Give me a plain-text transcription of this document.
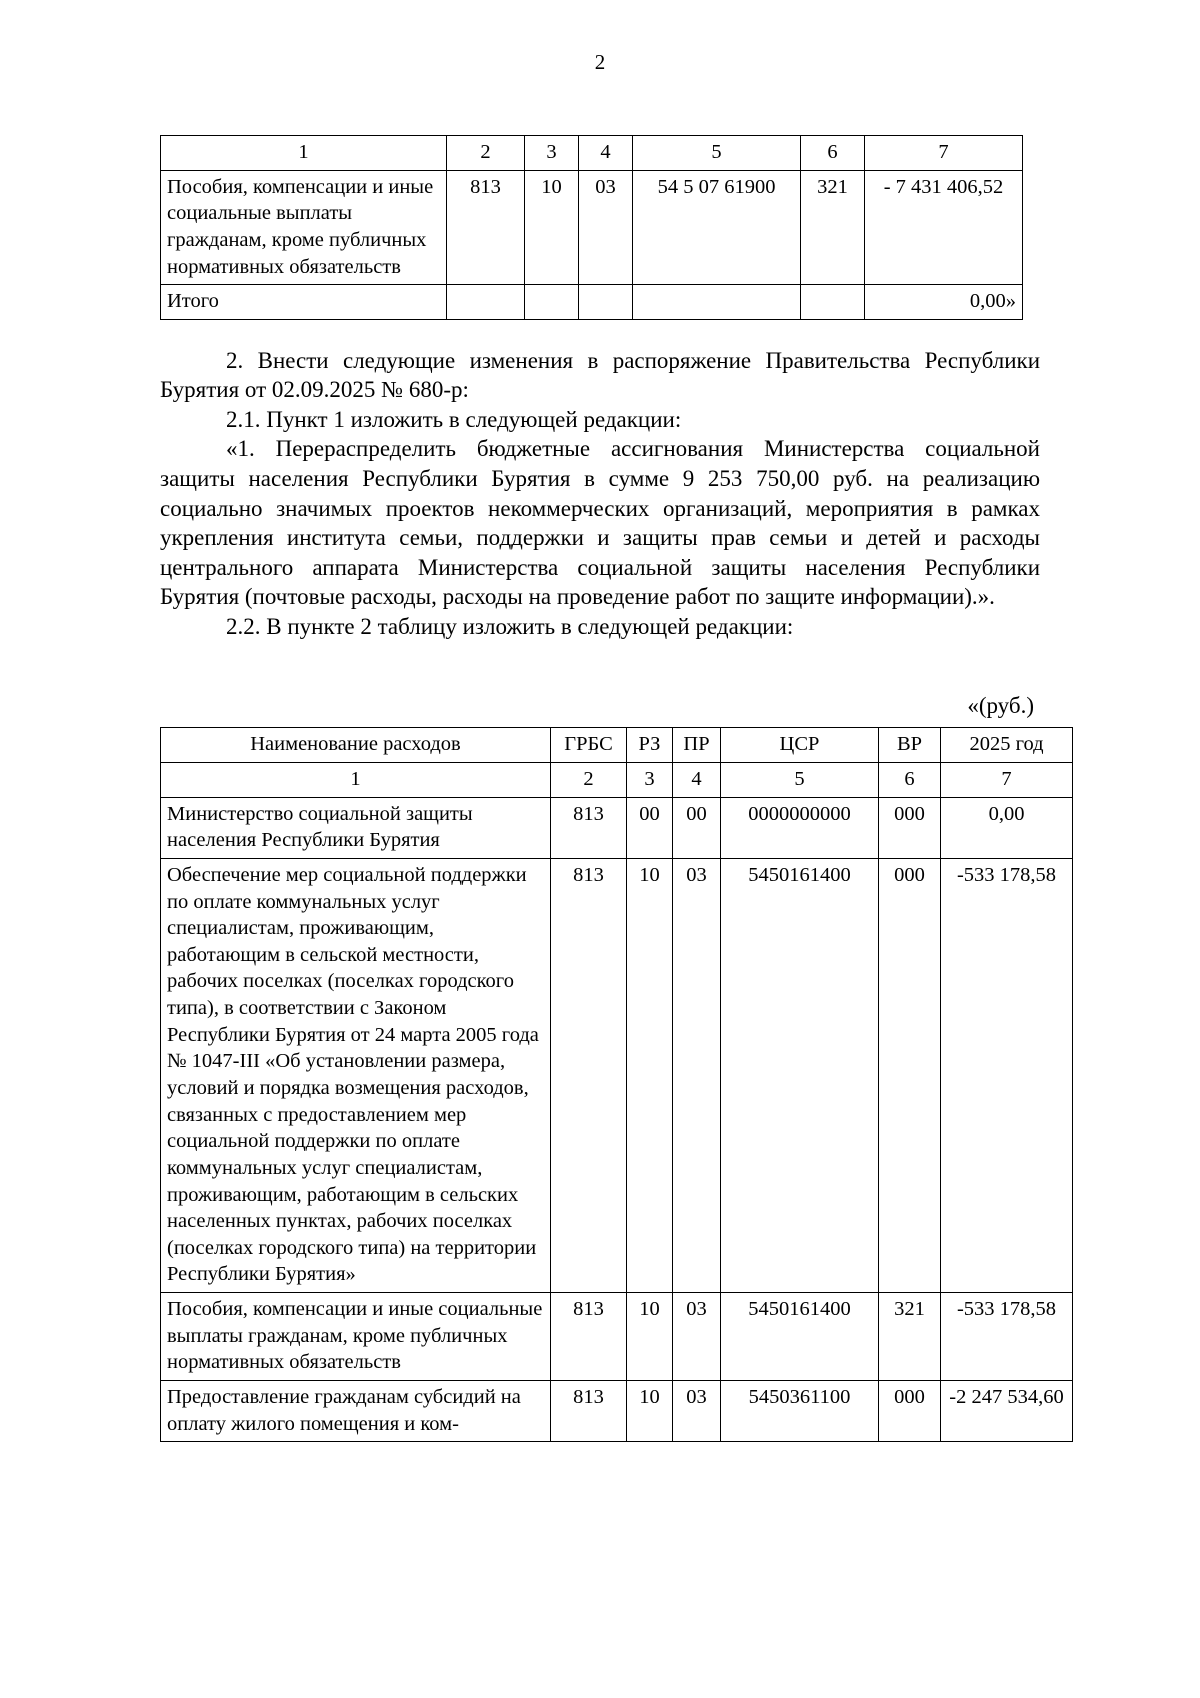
2
1	2	3	4	5	6	7
Пособия, компенсации и иные социальные выплаты гражданам, кроме публичных нормативных обязательств	813	10	03	54 5 07 61900	321	- 7 431 406,52
Итого						0,00»

2. Внести следующие изменения в распоряжение Правительства Республики Бурятия от 02.09.2025 № 680-р:

2.1. Пункт 1 изложить в следующей редакции:

«1. Перераспределить бюджетные ассигнования Министерства социальной защиты населения Республики Бурятия в сумме 9 253 750,00 руб. на реализацию социально значимых проектов некоммерческих организаций, мероприятия в рамках укрепления института семьи, поддержки и защиты прав семьи и детей и расходы центрального аппарата Министерства социальной защиты населения Республики Бурятия (почтовые расходы, расходы на проведение работ по защите информации).».

2.2. В пункте 2 таблицу изложить в следующей редакции:

«(руб.)
Наименование расходов	ГРБС	РЗ	ПР	ЦСР	ВР	2025 год
1	2	3	4	5	6	7
Министерство социальной защиты населения Республики Бурятия	813	00	00	0000000000	000	0,00
Обеспечение мер социальной поддержки по оплате коммунальных услуг специалистам, проживающим, работающим в сельской местности, рабочих поселках (поселках городского типа), в соответствии с Законом Республики Бурятия от 24 марта 2005 года № 1047-III «Об установлении размера, условий и порядка возмещения расходов, связанных с предоставлением мер социальной поддержки по оплате коммунальных услуг специалистам, проживающим, работающим в сельских населенных пунктах, рабочих поселках (поселках городского типа) на территории Республики Бурятия»	813	10	03	5450161400	000	-533 178,58
Пособия, компенсации и иные социальные выплаты гражданам, кроме публичных нормативных обязательств	813	10	03	5450161400	321	-533 178,58
Предоставление гражданам субсидий на оплату жилого помещения и ком-	813	10	03	5450361100	000	-2 247 534,60
